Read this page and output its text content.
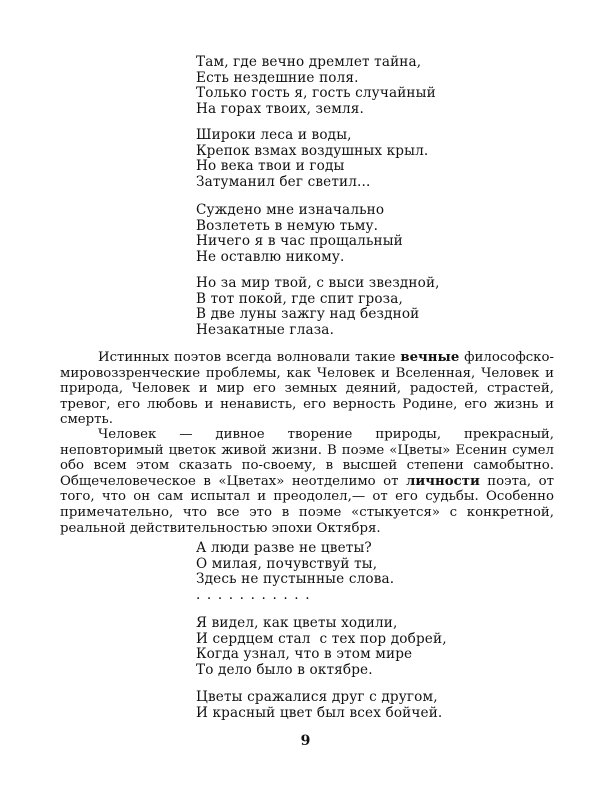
Там, где вечно дремлет тайна,
Есть нездешние поля.
Только гость я, гость случайный
На горах твоих, земля.
Широки леса и воды,
Крепок взмах воздушных крыл.
Но века твои и годы
Затуманил бег светил...
Суждено мне изначально
Возлететь в немую тьму.
Ничего я в час прощальный
Не оставлю никому.
Но за мир твой, с выси звездной,
В тот покой, где спит гроза,
В две луны зажгу над бездной
Незакатные глаза.

Истинных поэтов всегда волновали такие вечные философско-мировоззренческие проблемы, как Человек и Вселенная, Человек и природа, Человек и мир его земных деяний, радостей, страстей, тревог, его любовь и ненависть, его верность Родине, его жизнь и смерть.

Человек — дивное творение природы, прекрасный, неповторимый цветок живой жизни. В поэме «Цветы» Есенин сумел обо всем этом сказать по-своему, в высшей степени самобытно. Общечеловеческое в «Цветах» неотделимо от личности поэта, от того, что он сам испытал и преодолел,— от его судьбы. Особенно примечательно, что все это в поэме «стыкуется» с конкретной, реальной действительностью эпохи Октября.

А люди разве не цветы?
О милая, почувствуй ты,
Здесь не пустынные слова.
...........
Я видел, как цветы ходили,
И сердцем стал  с тех пор добрей,
Когда узнал, что в этом мире
То дело было в октябре.
Цветы сражалися друг с другом,
И красный цвет был всех бойчей.
9
